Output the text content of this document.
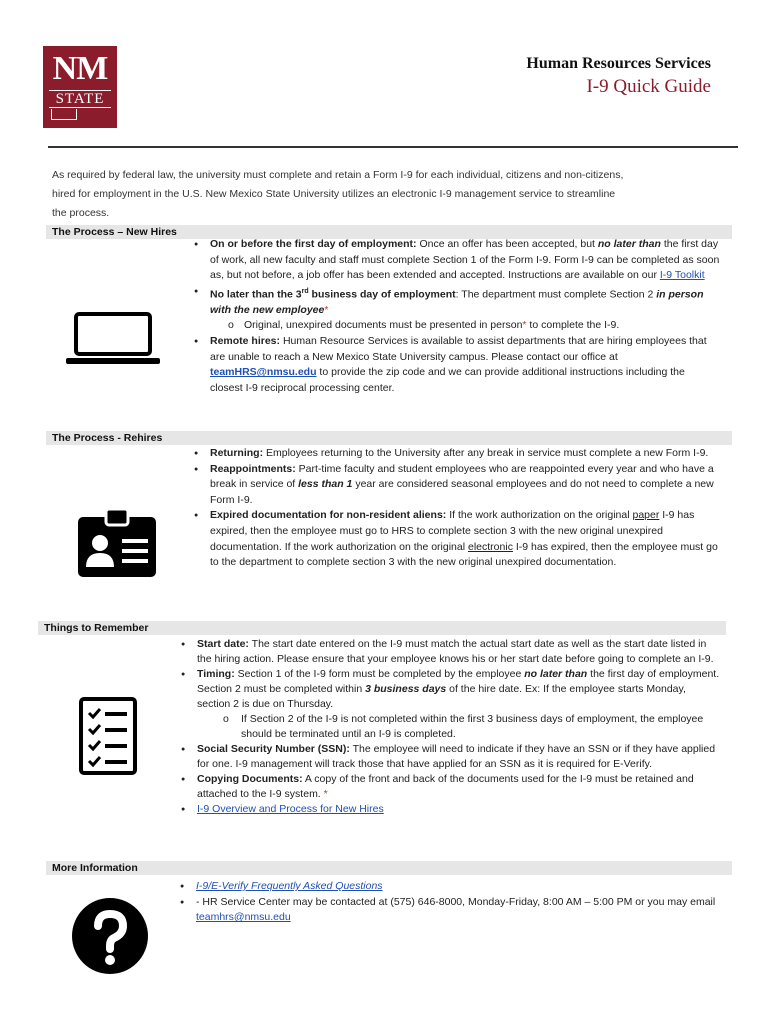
NM
STATE
Human Resources Services
I-9 Quick Guide
As required by federal law, the university must complete and retain a Form I-9 for each individual, citizens and non-citizens,
hired for employment in the U.S. New Mexico State University utilizes an electronic I-9 management service to streamline
the process.
The Process – New Hires
● On or before the first day of employment: Once an offer has been accepted, but no later than the first day of work, all new faculty and staff must complete Section 1 of the Form I-9. Form I-9 can be completed as soon as, but not before, a job offer has been extended and accepted. Instructions are available on our I-9 Toolkit
● No later than the 3rd business day of employment: The department must complete Section 2 in person with the new employee*
o Original, unexpired documents must be presented in person* to complete the I-9.
● Remote hires: Human Resource Services is available to assist departments that are hiring employees that are unable to reach a New Mexico State University campus. Please contact our office at teamHRS@nmsu.edu to provide the zip code and we can provide additional instructions including the closest I-9 reciprocal processing center.
The Process - Rehires
● Returning: Employees returning to the University after any break in service must complete a new Form I-9.
● Reappointments: Part-time faculty and student employees who are reappointed every year and who have a break in service of less than 1 year are considered seasonal employees and do not need to complete a new Form I-9.
● Expired documentation for non-resident aliens: If the work authorization on the original paper I-9 has expired, then the employee must go to HRS to complete section 3 with the new original unexpired documentation. If the work authorization on the original electronic I-9 has expired, then the employee must go to the department to complete section 3 with the new original unexpired documentation.
Things to Remember
● Start date: The start date entered on the I-9 must match the actual start date as well as the start date listed in the hiring action. Please ensure that your employee knows his or her start date before going to complete an I-9.
● Timing: Section 1 of the I-9 form must be completed by the employee no later than the first day of employment. Section 2 must be completed within 3 business days of the hire date. Ex: If the employee starts Monday, section 2 is due on Thursday.
o If Section 2 of the I-9 is not completed within the first 3 business days of employment, the employee should be terminated until an I-9 is completed.
● Social Security Number (SSN): The employee will need to indicate if they have an SSN or if they have applied for one. I-9 management will track those that have applied for an SSN as it is required for E-Verify.
● Copying Documents: A copy of the front and back of the documents used for the I-9 must be retained and attached to the I-9 system. *
● I-9 Overview and Process for New Hires
More Information
● I-9/E-Verify Frequently Asked Questions
● - HR Service Center may be contacted at (575) 646-8000, Monday-Friday, 8:00 AM – 5:00 PM or you may email teamhrs@nmsu.edu
